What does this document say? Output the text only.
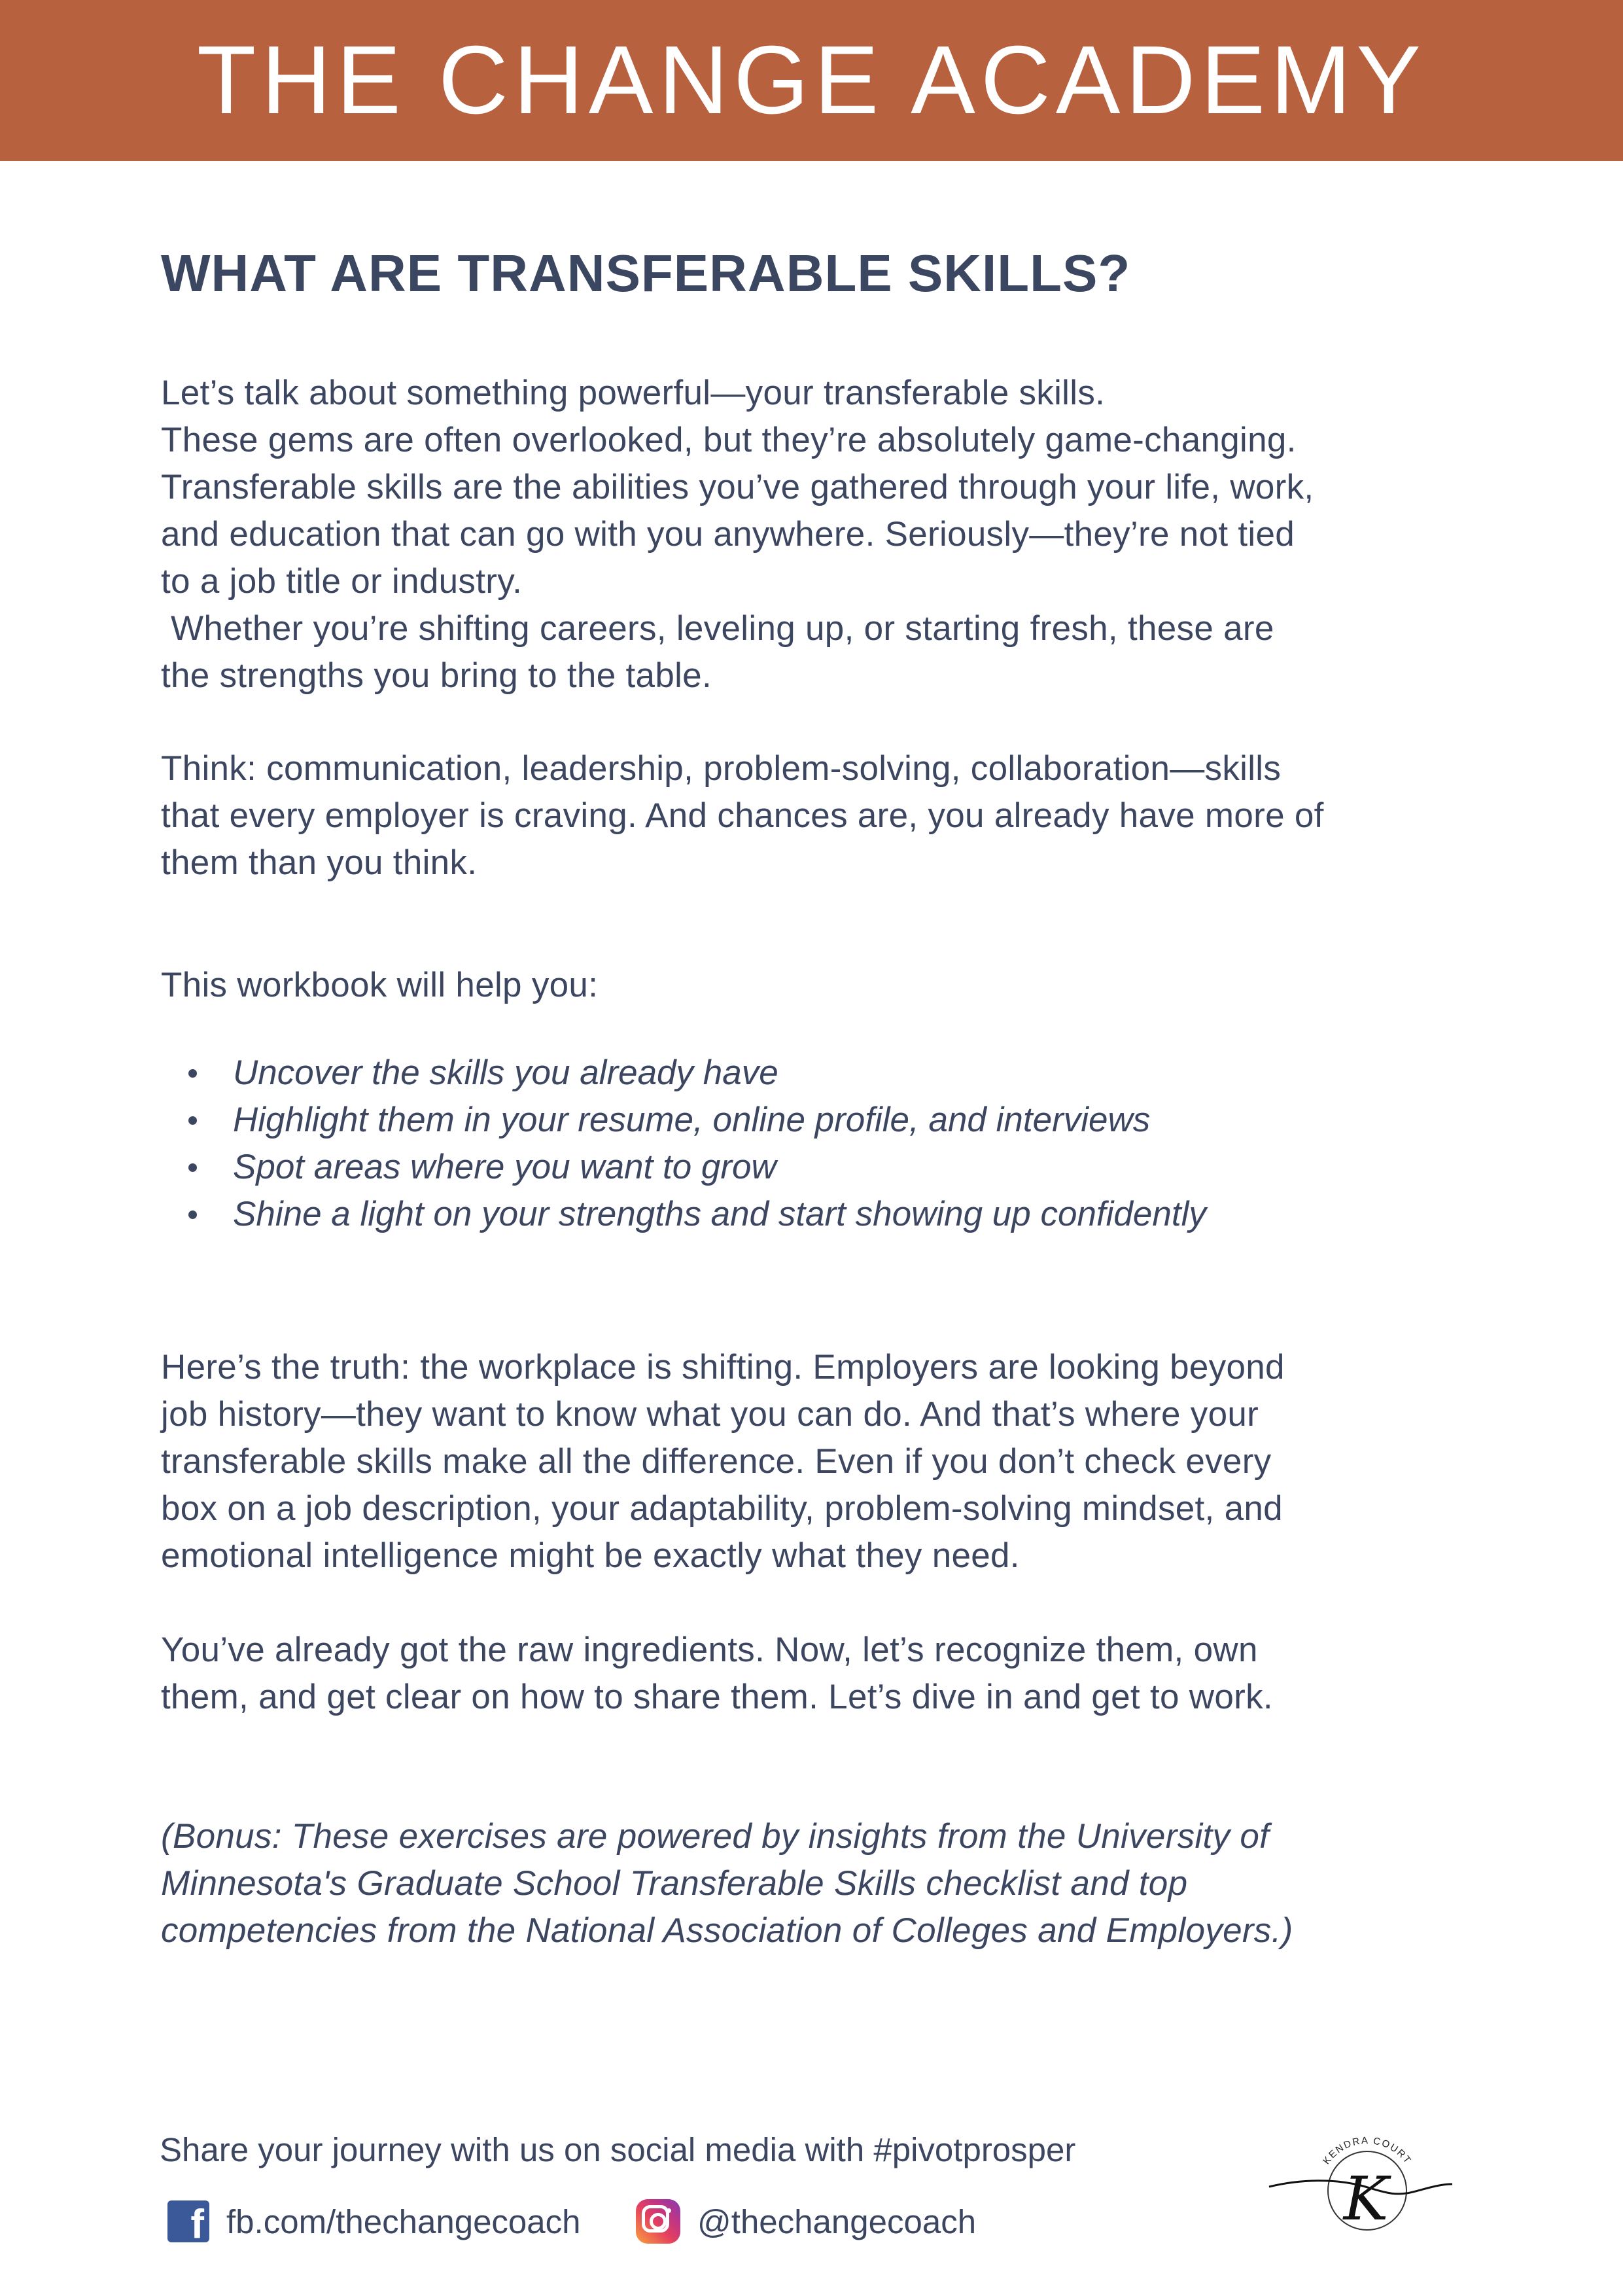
THE CHANGE ACADEMY
WHAT ARE TRANSFERABLE SKILLS?

Let’s talk about something powerful—your transferable skills.
These gems are often overlooked, but they’re absolutely game-changing.
Transferable skills are the abilities you’ve gathered through your life, work,
and education that can go with you anywhere. Seriously—they’re not tied
to a job title or industry.
Whether you’re shifting careers, leveling up, or starting fresh, these are
the strengths you bring to the table.

Think: communication, leadership, problem-solving, collaboration—skills
that every employer is craving. And chances are, you already have more of
them than you think.

This workbook will help you:

Uncover the skills you already have
Highlight them in your resume, online profile, and interviews
Spot areas where you want to grow
Shine a light on your strengths and start showing up confidently

Here’s the truth: the workplace is shifting. Employers are looking beyond
job history—they want to know what you can do. And that’s where your
transferable skills make all the difference. Even if you don’t check every
box on a job description, your adaptability, problem-solving mindset, and
emotional intelligence might be exactly what they need.

You’ve already got the raw ingredients. Now, let’s recognize them, own
them, and get clear on how to share them. Let’s dive in and get to work.

(Bonus: These exercises are powered by insights from the University of
Minnesota's Graduate School Transferable Skills checklist and top
competencies from the National Association of Colleges and Employers.)

Share your journey with us on social media with #pivotprosper

f fb.com/thechangecoach	@thechangecoach
KENDRA COURT
K
